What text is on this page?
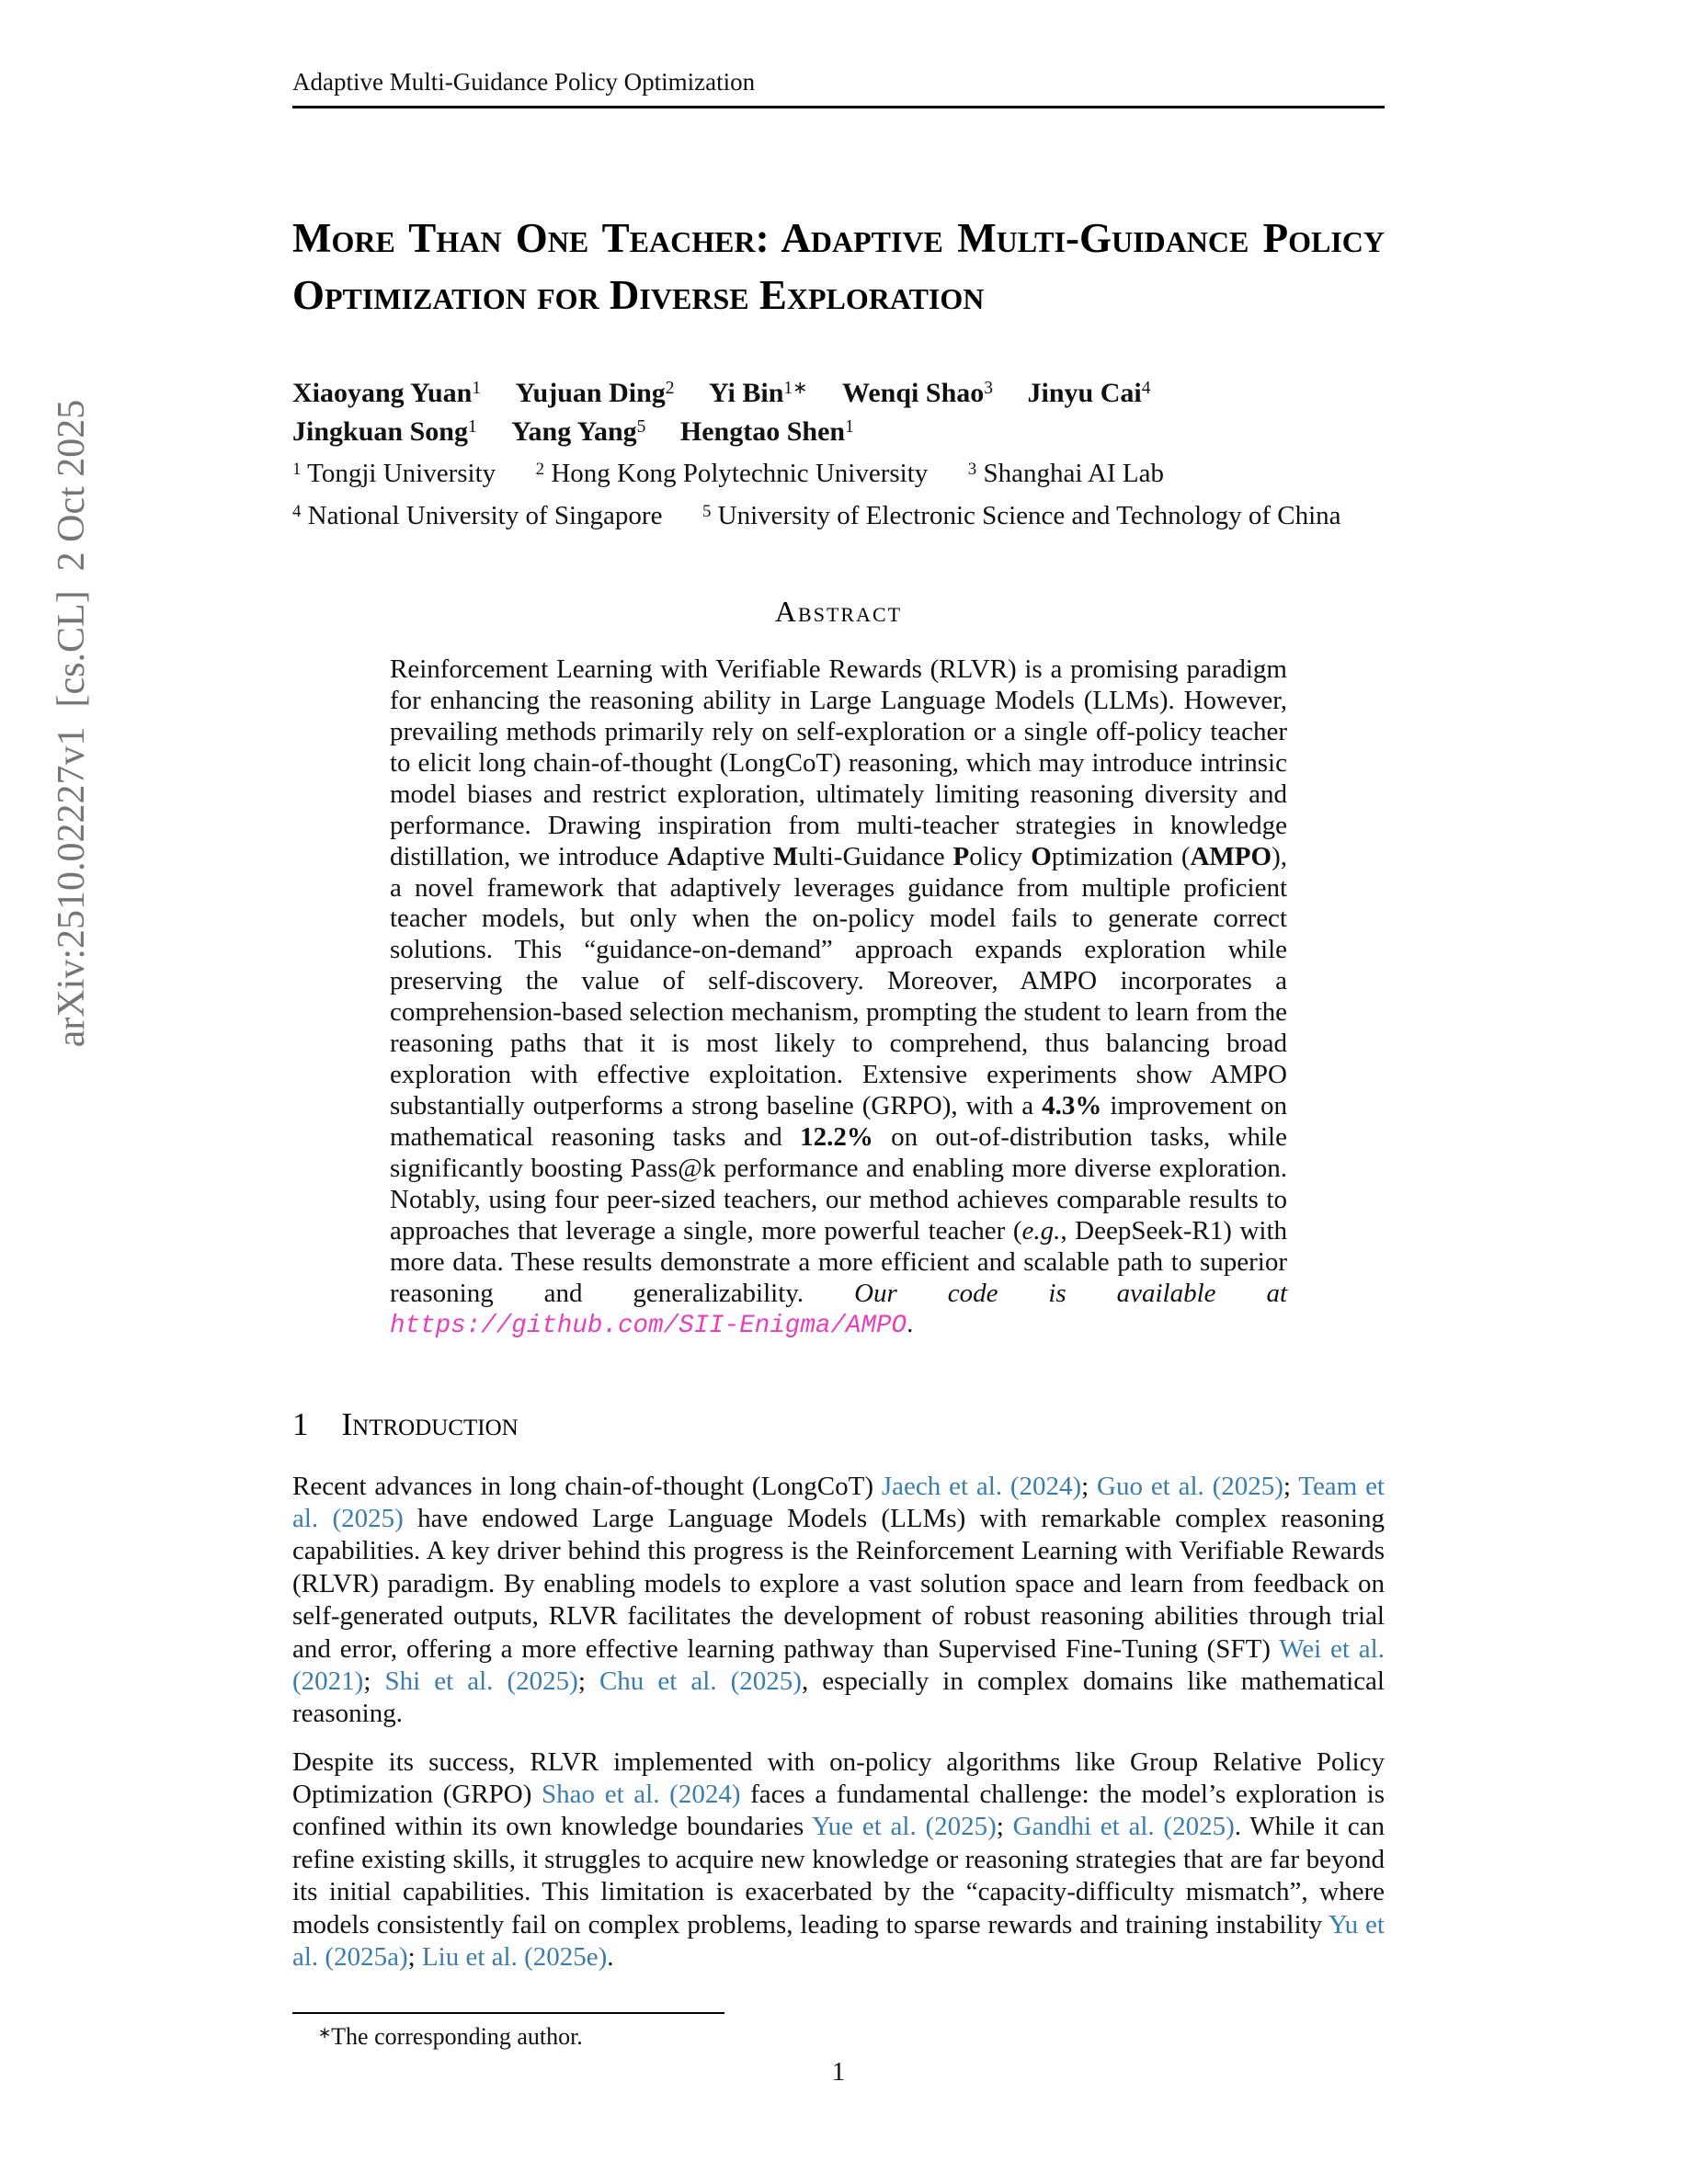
arXiv:2510.02227v1  [cs.CL]  2 Oct 2025
Adaptive Multi-Guidance Policy Optimization
More Than One Teacher: Adaptive Multi-Guidance Policy Optimization for Diverse Exploration
Xiaoyang Yuan$^1$ Yujuan Ding$^2$ Yi Bin$^{1∗}$ Wenqi Shao$^3$ Jinyu Cai$^4$
Jingkuan Song$^1$ Yang Yang$^5$ Hengtao Shen$^1$
$^1$ Tongji University      $^2$ Hong Kong Polytechnic University      $^3$ Shanghai AI Lab
$^4$ National University of Singapore      $^5$ University of Electronic Science and Technology of China
Abstract
Reinforcement Learning with Verifiable Rewards (RLVR) is a promising paradigm for enhancing the reasoning ability in Large Language Models (LLMs). However, prevailing methods primarily rely on self-exploration or a single off-policy teacher to elicit long chain-of-thought (LongCoT) reasoning, which may introduce intrinsic model biases and restrict exploration, ultimately limiting reasoning diversity and performance. Drawing inspiration from multi-teacher strategies in knowledge distillation, we introduce Adaptive Multi-Guidance Policy Optimization (AMPO), a novel framework that adaptively leverages guidance from multiple proficient teacher models, but only when the on-policy model fails to generate correct solutions. This “guidance-on-demand” approach expands exploration while preserving the value of self-discovery. Moreover, AMPO incorporates a comprehension-based selection mechanism, prompting the student to learn from the reasoning paths that it is most likely to comprehend, thus balancing broad exploration with effective exploitation. Extensive experiments show AMPO substantially outperforms a strong baseline (GRPO), with a 4.3% improvement on mathematical reasoning tasks and 12.2% on out-of-distribution tasks, while significantly boosting Pass@k performance and enabling more diverse exploration. Notably, using four peer-sized teachers, our method achieves comparable results to approaches that leverage a single, more powerful teacher (e.g., DeepSeek-R1) with more data. These results demonstrate a more efficient and scalable path to superior reasoning and generalizability. Our code is available at https://github.com/SII-Enigma/AMPO.
1 Introduction
Recent advances in long chain-of-thought (LongCoT) Jaech et al. (2024); Guo et al. (2025); Team et al. (2025) have endowed Large Language Models (LLMs) with remarkable complex reasoning capabilities. A key driver behind this progress is the Reinforcement Learning with Verifiable Rewards (RLVR) paradigm. By enabling models to explore a vast solution space and learn from feedback on self-generated outputs, RLVR facilitates the development of robust reasoning abilities through trial and error, offering a more effective learning pathway than Supervised Fine-Tuning (SFT) Wei et al. (2021); Shi et al. (2025); Chu et al. (2025), especially in complex domains like mathematical reasoning.
Despite its success, RLVR implemented with on-policy algorithms like Group Relative Policy Optimization (GRPO) Shao et al. (2024) faces a fundamental challenge: the model’s exploration is confined within its own knowledge boundaries Yue et al. (2025); Gandhi et al. (2025). While it can refine existing skills, it struggles to acquire new knowledge or reasoning strategies that are far beyond its initial capabilities. This limitation is exacerbated by the “capacity-difficulty mismatch”, where models consistently fail on complex problems, leading to sparse rewards and training instability Yu et al. (2025a); Liu et al. (2025e).
∗The corresponding author.
1
